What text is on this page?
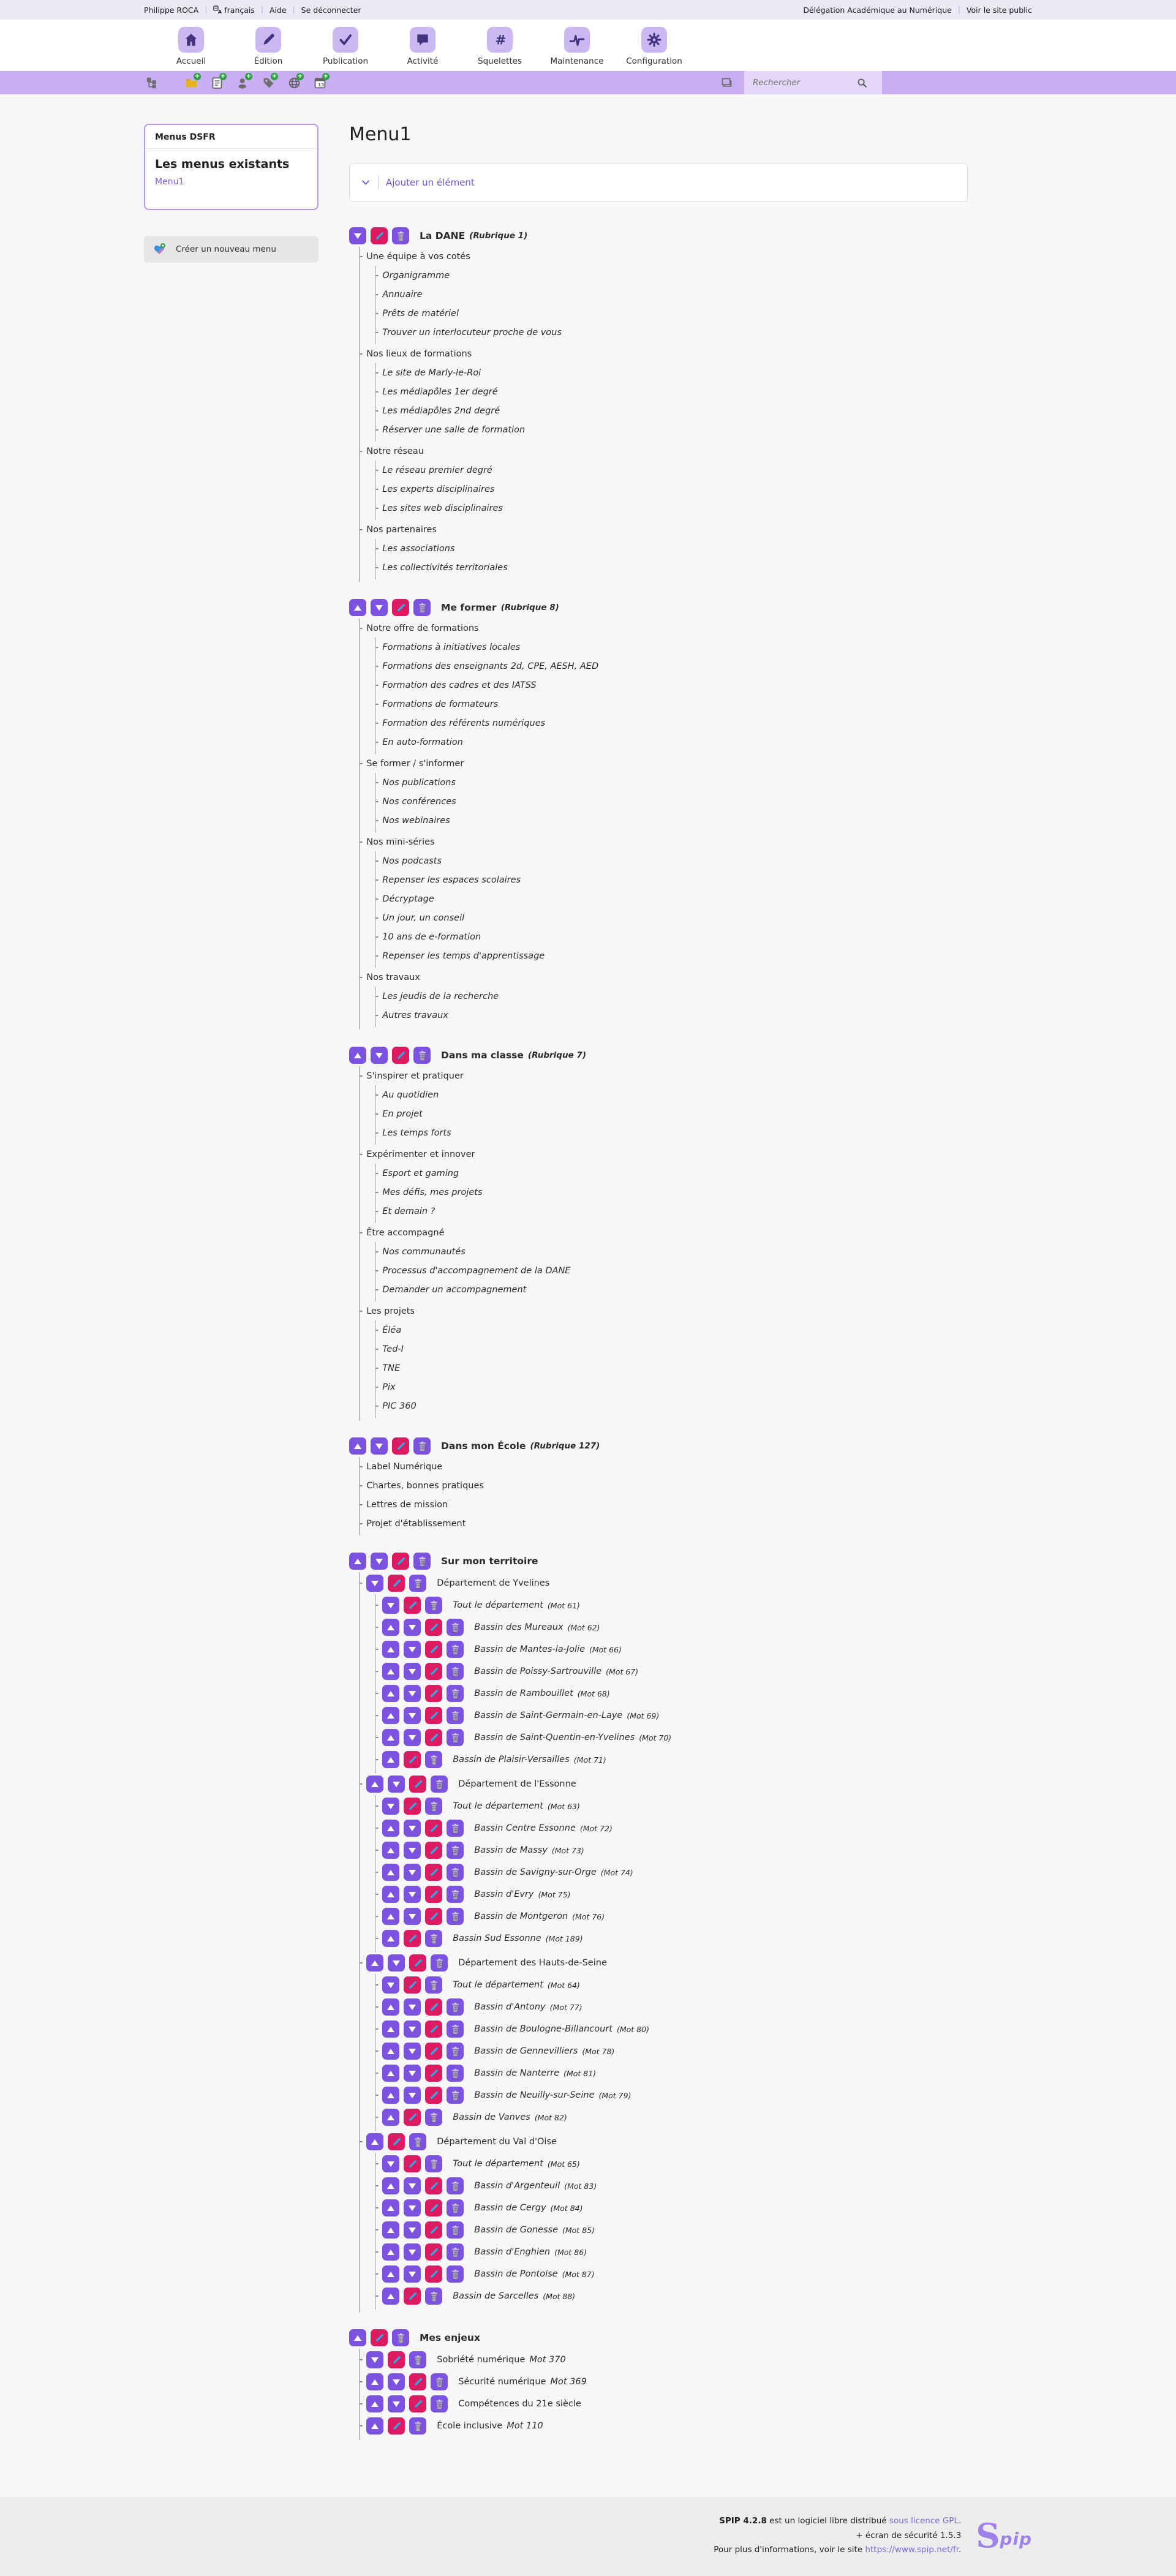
Philippe ROCA | A français | Aide | Se déconnecter	Délégation Académique au Numérique | Voir le site public
Accueil	Édition	Publication	Activité
#
Squelettes	Maintenance	Configuration
+	+	+	+	+
13
+
Rechercher
Menus DSFR
Les menus existants
Menu1
Créer un nouveau menu
Menu1
Ajouter un élément
La DANE (Rubrique 1)
- Une équipe à vos cotés
- Organigramme
- Annuaire
- Prêts de matériel
- Trouver un interlocuteur proche de vous
- Nos lieux de formations
- Le site de Marly-le-Roi
- Les médiapôles 1er degré
- Les médiapôles 2nd degré
- Réserver une salle de formation
- Notre réseau
- Le réseau premier degré
- Les experts disciplinaires
- Les sites web disciplinaires
- Nos partenaires
- Les associations
- Les collectivités territoriales
Me former (Rubrique 8)
- Notre offre de formations
- Formations à initiatives locales
- Formations des enseignants 2d, CPE, AESH, AED
- Formation des cadres et des IATSS
- Formations de formateurs
- Formation des référents numériques
- En auto-formation
- Se former / s'informer
- Nos publications
- Nos conférences
- Nos webinaires
- Nos mini-séries
- Nos podcasts
- Repenser les espaces scolaires
- Décryptage
- Un jour, un conseil
- 10 ans de e-formation
- Repenser les temps d'apprentissage
- Nos travaux
- Les jeudis de la recherche
- Autres travaux
Dans ma classe (Rubrique 7)
- S'inspirer et pratiquer
- Au quotidien
- En projet
- Les temps forts
- Expérimenter et innover
- Esport et gaming
- Mes défis, mes projets
- Et demain ?
- Être accompagné
- Nos communautés
- Processus d'accompagnement de la DANE
- Demander un accompagnement
- Les projets
- Éléa
- Ted-I
- TNE
- Pix
- PIC 360
Dans mon École (Rubrique 127)
- Label Numérique
- Chartes, bonnes pratiques
- Lettres de mission
- Projet d'établissement
Sur mon territoire
-	Département de Yvelines
-	Tout le département (Mot 61)
-	Bassin des Mureaux (Mot 62)
-	Bassin de Mantes-la-Jolie (Mot 66)
-	Bassin de Poissy-Sartrouville (Mot 67)
-	Bassin de Rambouillet (Mot 68)
-	Bassin de Saint-Germain-en-Laye (Mot 69)
-	Bassin de Saint-Quentin-en-Yvelines (Mot 70)
-	Bassin de Plaisir-Versailles (Mot 71)
-	Département de l'Essonne
-	Tout le département (Mot 63)
-	Bassin Centre Essonne (Mot 72)
-	Bassin de Massy (Mot 73)
-	Bassin de Savigny-sur-Orge (Mot 74)
-	Bassin d'Evry (Mot 75)
-	Bassin de Montgeron (Mot 76)
-	Bassin Sud Essonne (Mot 189)
-	Département des Hauts-de-Seine
-	Tout le département (Mot 64)
-	Bassin d'Antony (Mot 77)
-	Bassin de Boulogne-Billancourt (Mot 80)
-	Bassin de Gennevilliers (Mot 78)
-	Bassin de Nanterre (Mot 81)
-	Bassin de Neuilly-sur-Seine (Mot 79)
-	Bassin de Vanves (Mot 82)
-	Département du Val d'Oise
-	Tout le département (Mot 65)
-	Bassin d'Argenteuil (Mot 83)
-	Bassin de Cergy (Mot 84)
-	Bassin de Gonesse (Mot 85)
-	Bassin d'Enghien (Mot 86)
-	Bassin de Pontoise (Mot 87)
-	Bassin de Sarcelles (Mot 88)
Mes enjeux
-	Sobriété numérique Mot 370
-	Sécurité numérique Mot 369
-	Compétences du 21e siècle
-	École inclusive Mot 110
SPIP 4.2.8 est un logiciel libre distribué sous licence GPL.
+ écran de sécurité 1.5.3
Pour plus d'informations, voir le site https://www.spip.net/fr. S pip
